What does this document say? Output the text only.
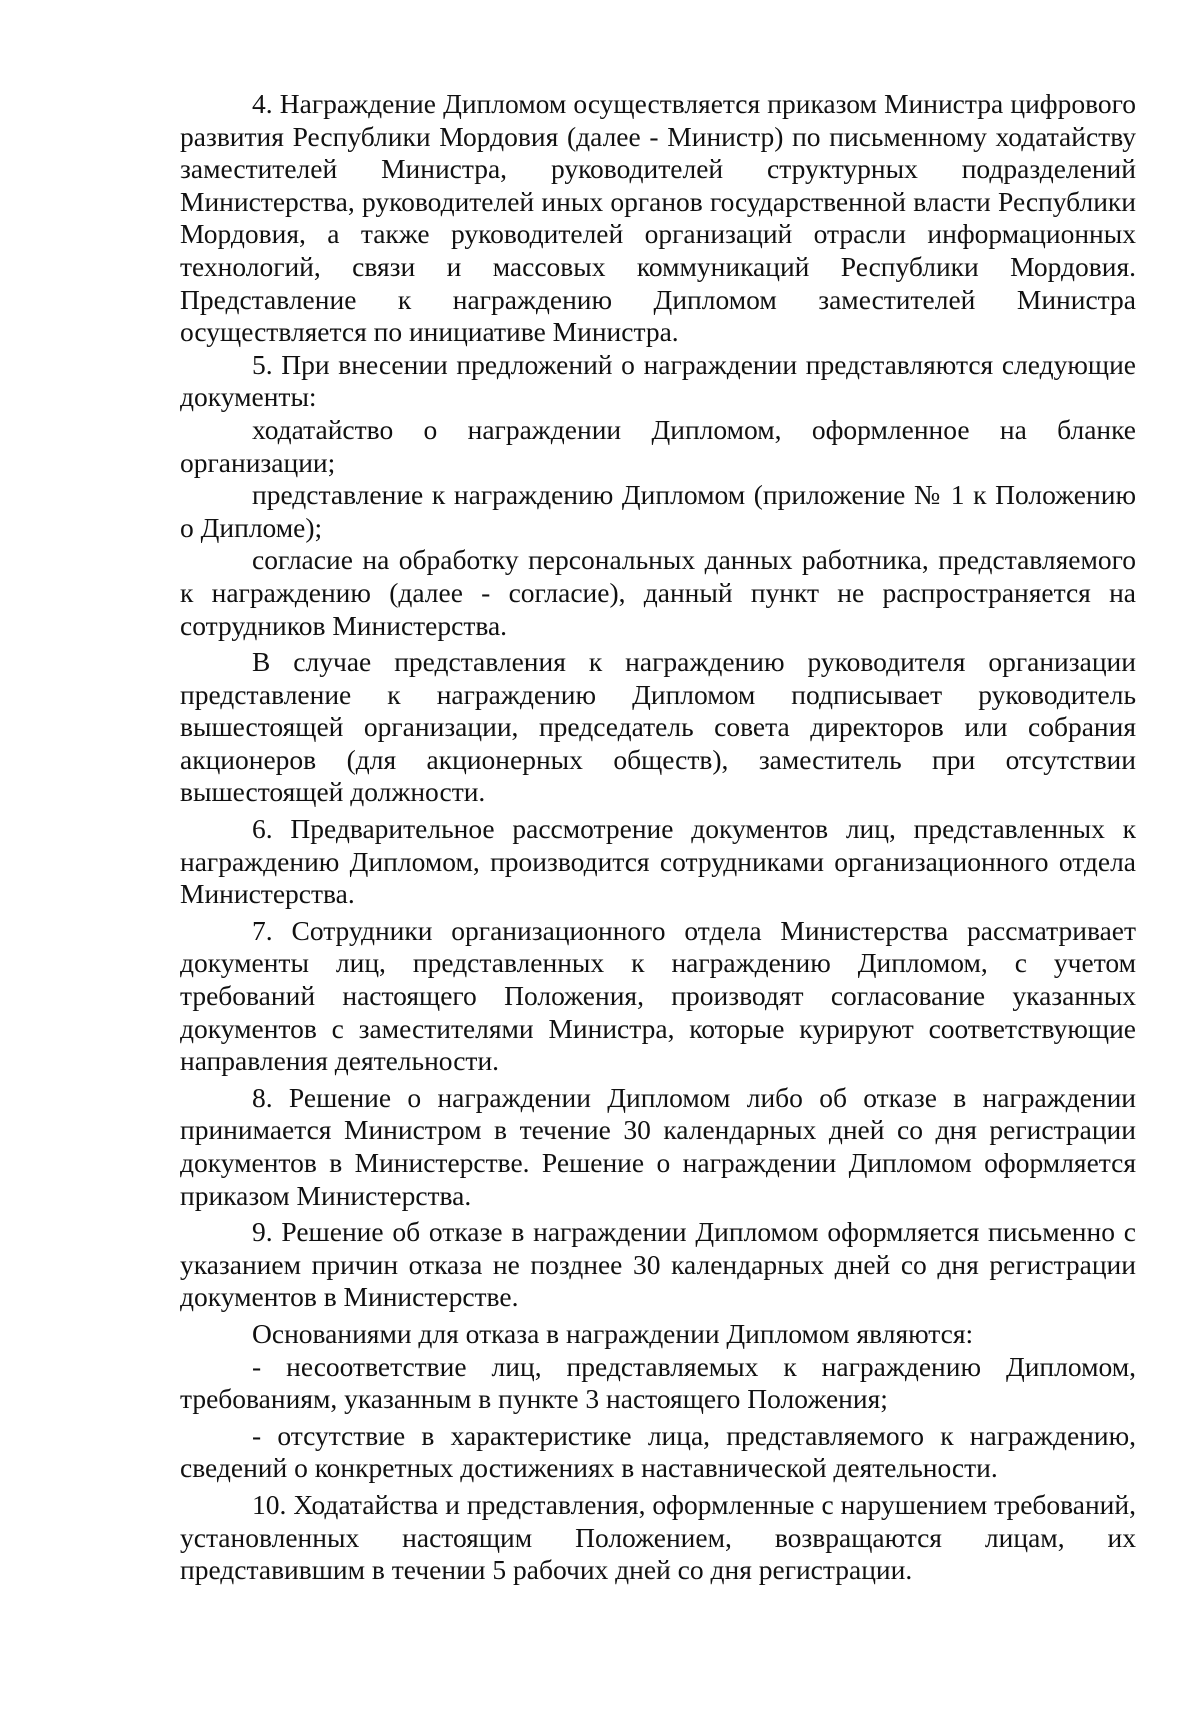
4. Награждение Дипломом осуществляется приказом Министра цифрового развития Республики Мордовия (далее - Министр) по письменному ходатайству заместителей Министра, руководителей структурных подразделений Министерства, руководителей иных органов государственной власти Республики Мордовия, а также руководителей организаций отрасли информационных технологий, связи и массовых коммуникаций Республики Мордовия. Представление к награждению Дипломом заместителей Министра осуществляется по инициативе Министра.

5. При внесении предложений о награждении представляются следующие документы:

ходатайство о награждении Дипломом, оформленное на бланке организации;

представление к награждению Дипломом (приложение № 1 к Положению о Дипломе);

согласие на обработку персональных данных работника, представляемого к награждению (далее - согласие), данный пункт не распространяется на сотрудников Министерства.

В случае представления к награждению руководителя организации представление к награждению Дипломом подписывает руководитель вышестоящей организации, председатель совета директоров или собрания акционеров (для акционерных обществ), заместитель при отсутствии вышестоящей должности.

6. Предварительное рассмотрение документов лиц, представленных к награждению Дипломом, производится сотрудниками организационного отдела Министерства.

7. Сотрудники организационного отдела Министерства рассматривает документы лиц, представленных к награждению Дипломом, с учетом требований настоящего Положения, производят согласование указанных документов с заместителями Министра, которые курируют соответствующие направления деятельности.

8. Решение о награждении Дипломом либо об отказе в награждении принимается Министром в течение 30 календарных дней со дня регистрации документов в Министерстве. Решение о награждении Дипломом оформляется приказом Министерства.

9. Решение об отказе в награждении Дипломом оформляется письменно с указанием причин отказа не позднее 30 календарных дней со дня регистрации документов в Министерстве.

Основаниями для отказа в награждении Дипломом являются:

- несоответствие лиц, представляемых к награждению Дипломом, требованиям, указанным в пункте 3 настоящего Положения;

- отсутствие в характеристике лица, представляемого к награждению, сведений о конкретных достижениях в наставнической деятельности.

10. Ходатайства и представления, оформленные с нарушением требований, установленных настоящим Положением, возвращаются лицам, их представившим в течении 5 рабочих дней со дня регистрации.
